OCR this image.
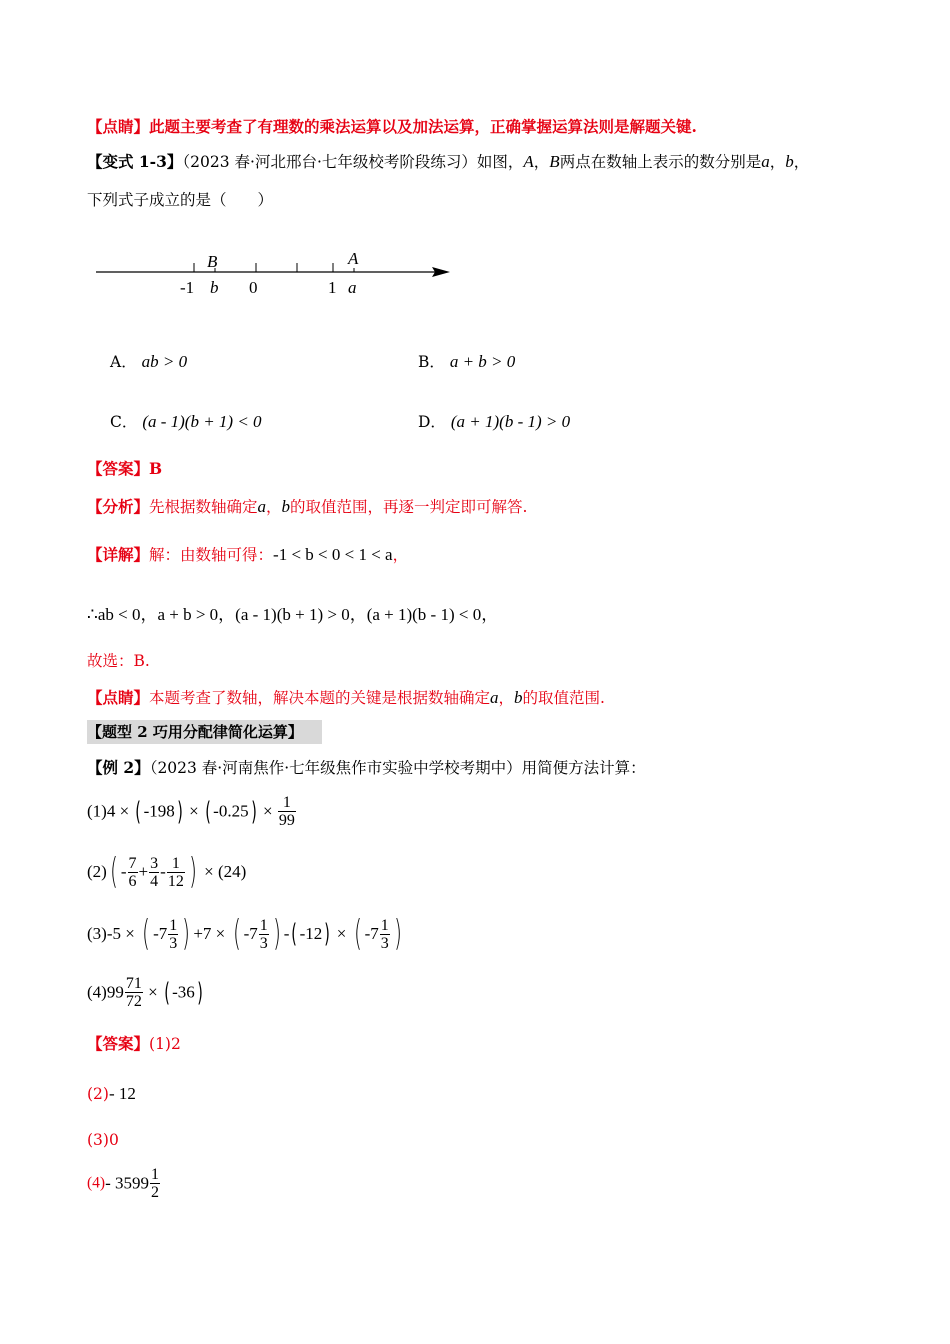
【点睛】此题主要考查了有理数的乘法运算以及加法运算，正确掌握运算法则是解题关键.
【变式 1-3】（2023 春·河北邢台·七年级校考阶段练习）如图，A，B两点在数轴上表示的数分别是a，b，
下列式子成立的是（　　）
B	A
-1 b 0	1 a
A． ab > 0	B． a + b > 0
C． (a - 1)(b + 1) < 0	D． (a + 1)(b - 1) > 0
【答案】B
【分析】先根据数轴确定a，b的取值范围，再逐一判定即可解答.
【详解】解：由数轴可得：-1 < b < 0 < 1 < a，
∴ab < 0，a + b > 0，(a - 1)(b + 1) > 0，(a + 1)(b - 1) < 0，
故选：B.
【点睛】本题考查了数轴，解决本题的关键是根据数轴确定a，b的取值范围.
【题型 2 巧用分配律简化运算】
【例 2】（2023 春·河南焦作·七年级焦作市实验中学校考期中）用简便方法计算：
(1)4 × ( -198) × ( $-0.25) \times \frac{1}{99}$
$(2)( - \frac{7}{6} + \frac{3}{4} - \frac{1}{12}$ ) × (24)
(3)-5 × ( $-7 \frac{1}{3}$ ) +7 × ( $-7 \frac{1}{3}$ ) -( -12) × ( $-7 \frac{1}{3}$ )
$(4)99 \frac{71}{72}$ × ( -36)
【答案】(1)2
(2)- 12
(3)0
(4)- $3599 \frac{1}{2}$
